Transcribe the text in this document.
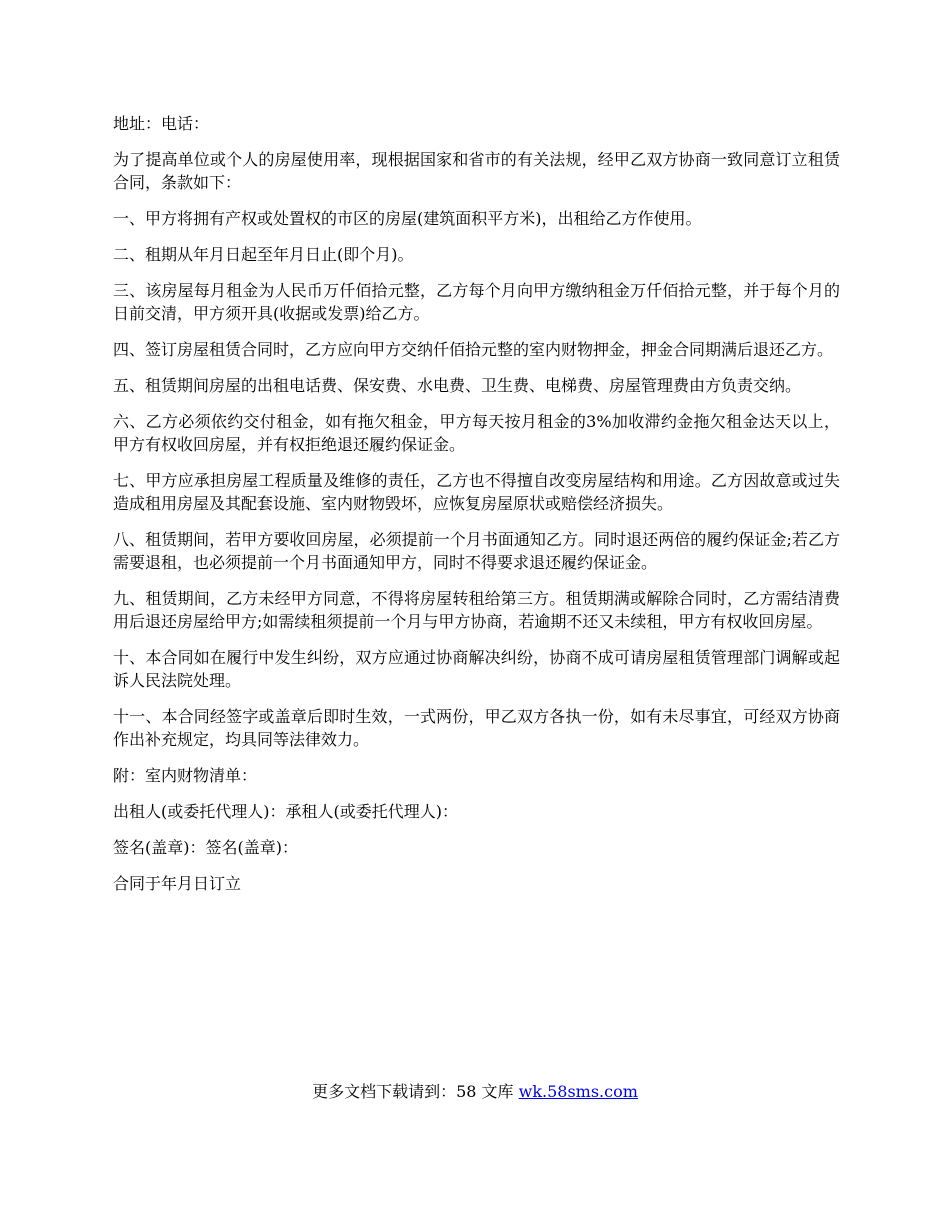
地址：电话：

为了提高单位或个人的房屋使用率，现根据国家和省市的有关法规，经甲乙双方协商一致同意订立租赁合同，条款如下：

一、甲方将拥有产权或处置权的市区的房屋(建筑面积平方米)，出租给乙方作使用。

二、租期从年月日起至年月日止(即个月)。

三、该房屋每月租金为人民币万仟佰拾元整，乙方每个月向甲方缴纳租金万仟佰拾元整，并于每个月的日前交清，甲方须开具(收据或发票)给乙方。

四、签订房屋租赁合同时，乙方应向甲方交纳仟佰拾元整的室内财物押金，押金合同期满后退还乙方。

五、租赁期间房屋的出租电话费、保安费、水电费、卫生费、电梯费、房屋管理费由方负责交纳。

六、乙方必须依约交付租金，如有拖欠租金，甲方每天按月租金的3%加收滞约金拖欠租金达天以上，甲方有权收回房屋，并有权拒绝退还履约保证金。

七、甲方应承担房屋工程质量及维修的责任，乙方也不得擅自改变房屋结构和用途。乙方因故意或过失造成租用房屋及其配套设施、室内财物毁坏，应恢复房屋原状或赔偿经济损失。

八、租赁期间，若甲方要收回房屋，必须提前一个月书面通知乙方。同时退还两倍的履约保证金;若乙方需要退租，也必须提前一个月书面通知甲方，同时不得要求退还履约保证金。

九、租赁期间，乙方未经甲方同意，不得将房屋转租给第三方。租赁期满或解除合同时，乙方需结清费用后退还房屋给甲方;如需续租须提前一个月与甲方协商，若逾期不还又未续租，甲方有权收回房屋。

十、本合同如在履行中发生纠纷，双方应通过协商解决纠纷，协商不成可请房屋租赁管理部门调解或起诉人民法院处理。

十一、本合同经签字或盖章后即时生效，一式两份，甲乙双方各执一份，如有未尽事宜，可经双方协商作出补充规定，均具同等法律效力。

附：室内财物清单：

出租人(或委托代理人)：承租人(或委托代理人)：

签名(盖章)：签名(盖章)：

合同于年月日订立

更多文档下载请到：58 文库 wk.58sms.com
